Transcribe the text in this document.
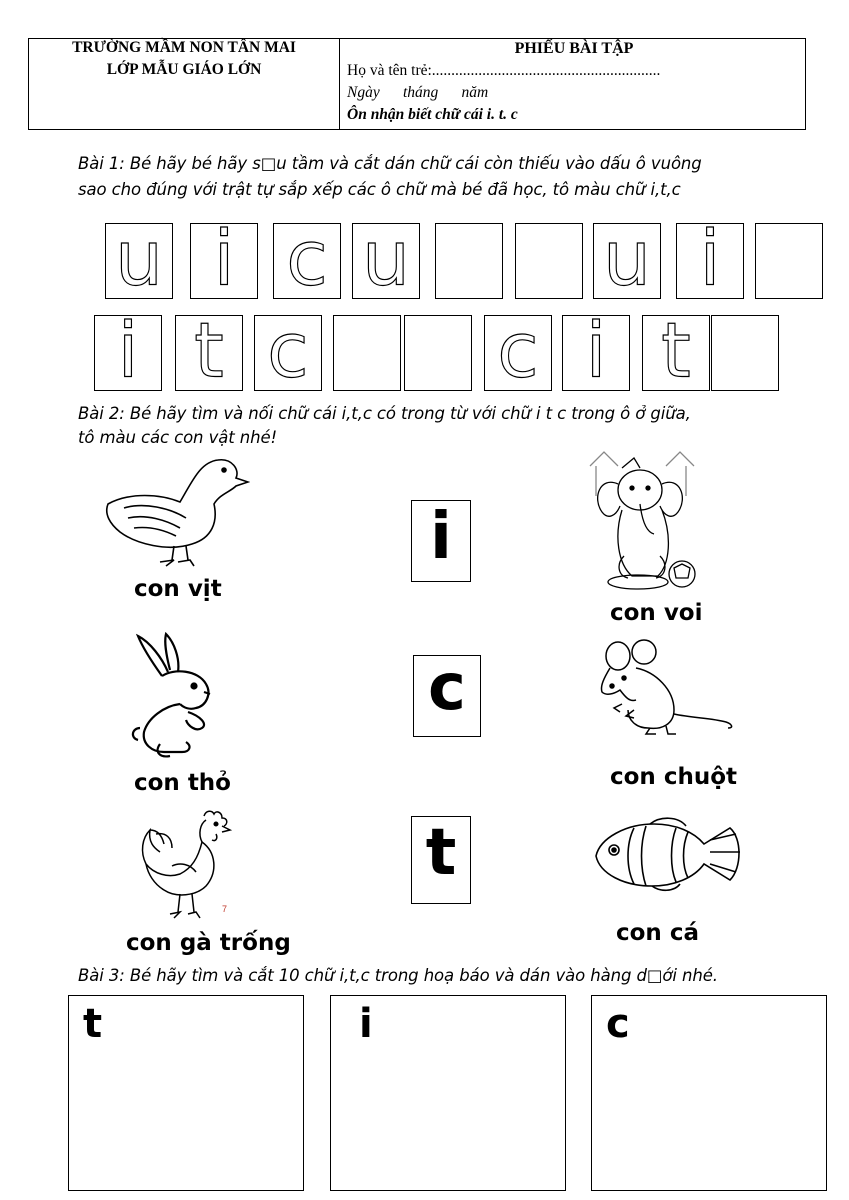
TRƯỜNG MẦM NON TÂN MAI
LỚP MẪU GIÁO LỚN
PHIẾU BÀI TẬP
Họ và tên trẻ:...........................................................
Ngày      tháng      năm
Ôn nhận biết chữ cái i. t. c
Bài 1: Bé hãy bé hãy s□u tầm và cắt dán chữ cái còn thiếu vào dấu ô vuông
sao cho đúng với trật tự sắp xếp các ô chữ mà bé đã học, tô màu chữ i,t,c
u i c u u i
i t c c i t
Bài 2: Bé hãy tìm và nối chữ cái i,t,c có trong từ với chữ i t c trong ô ở giữa,
tô màu các con vật nhé!
con vịt
con voi
i
con thỏ
c
con chuột
7
con gà trống
t
con cá
Bài 3: Bé hãy tìm và cắt 10 chữ i,t,c trong hoạ báo và dán vào hàng d□ới nhé.
t	i	c
